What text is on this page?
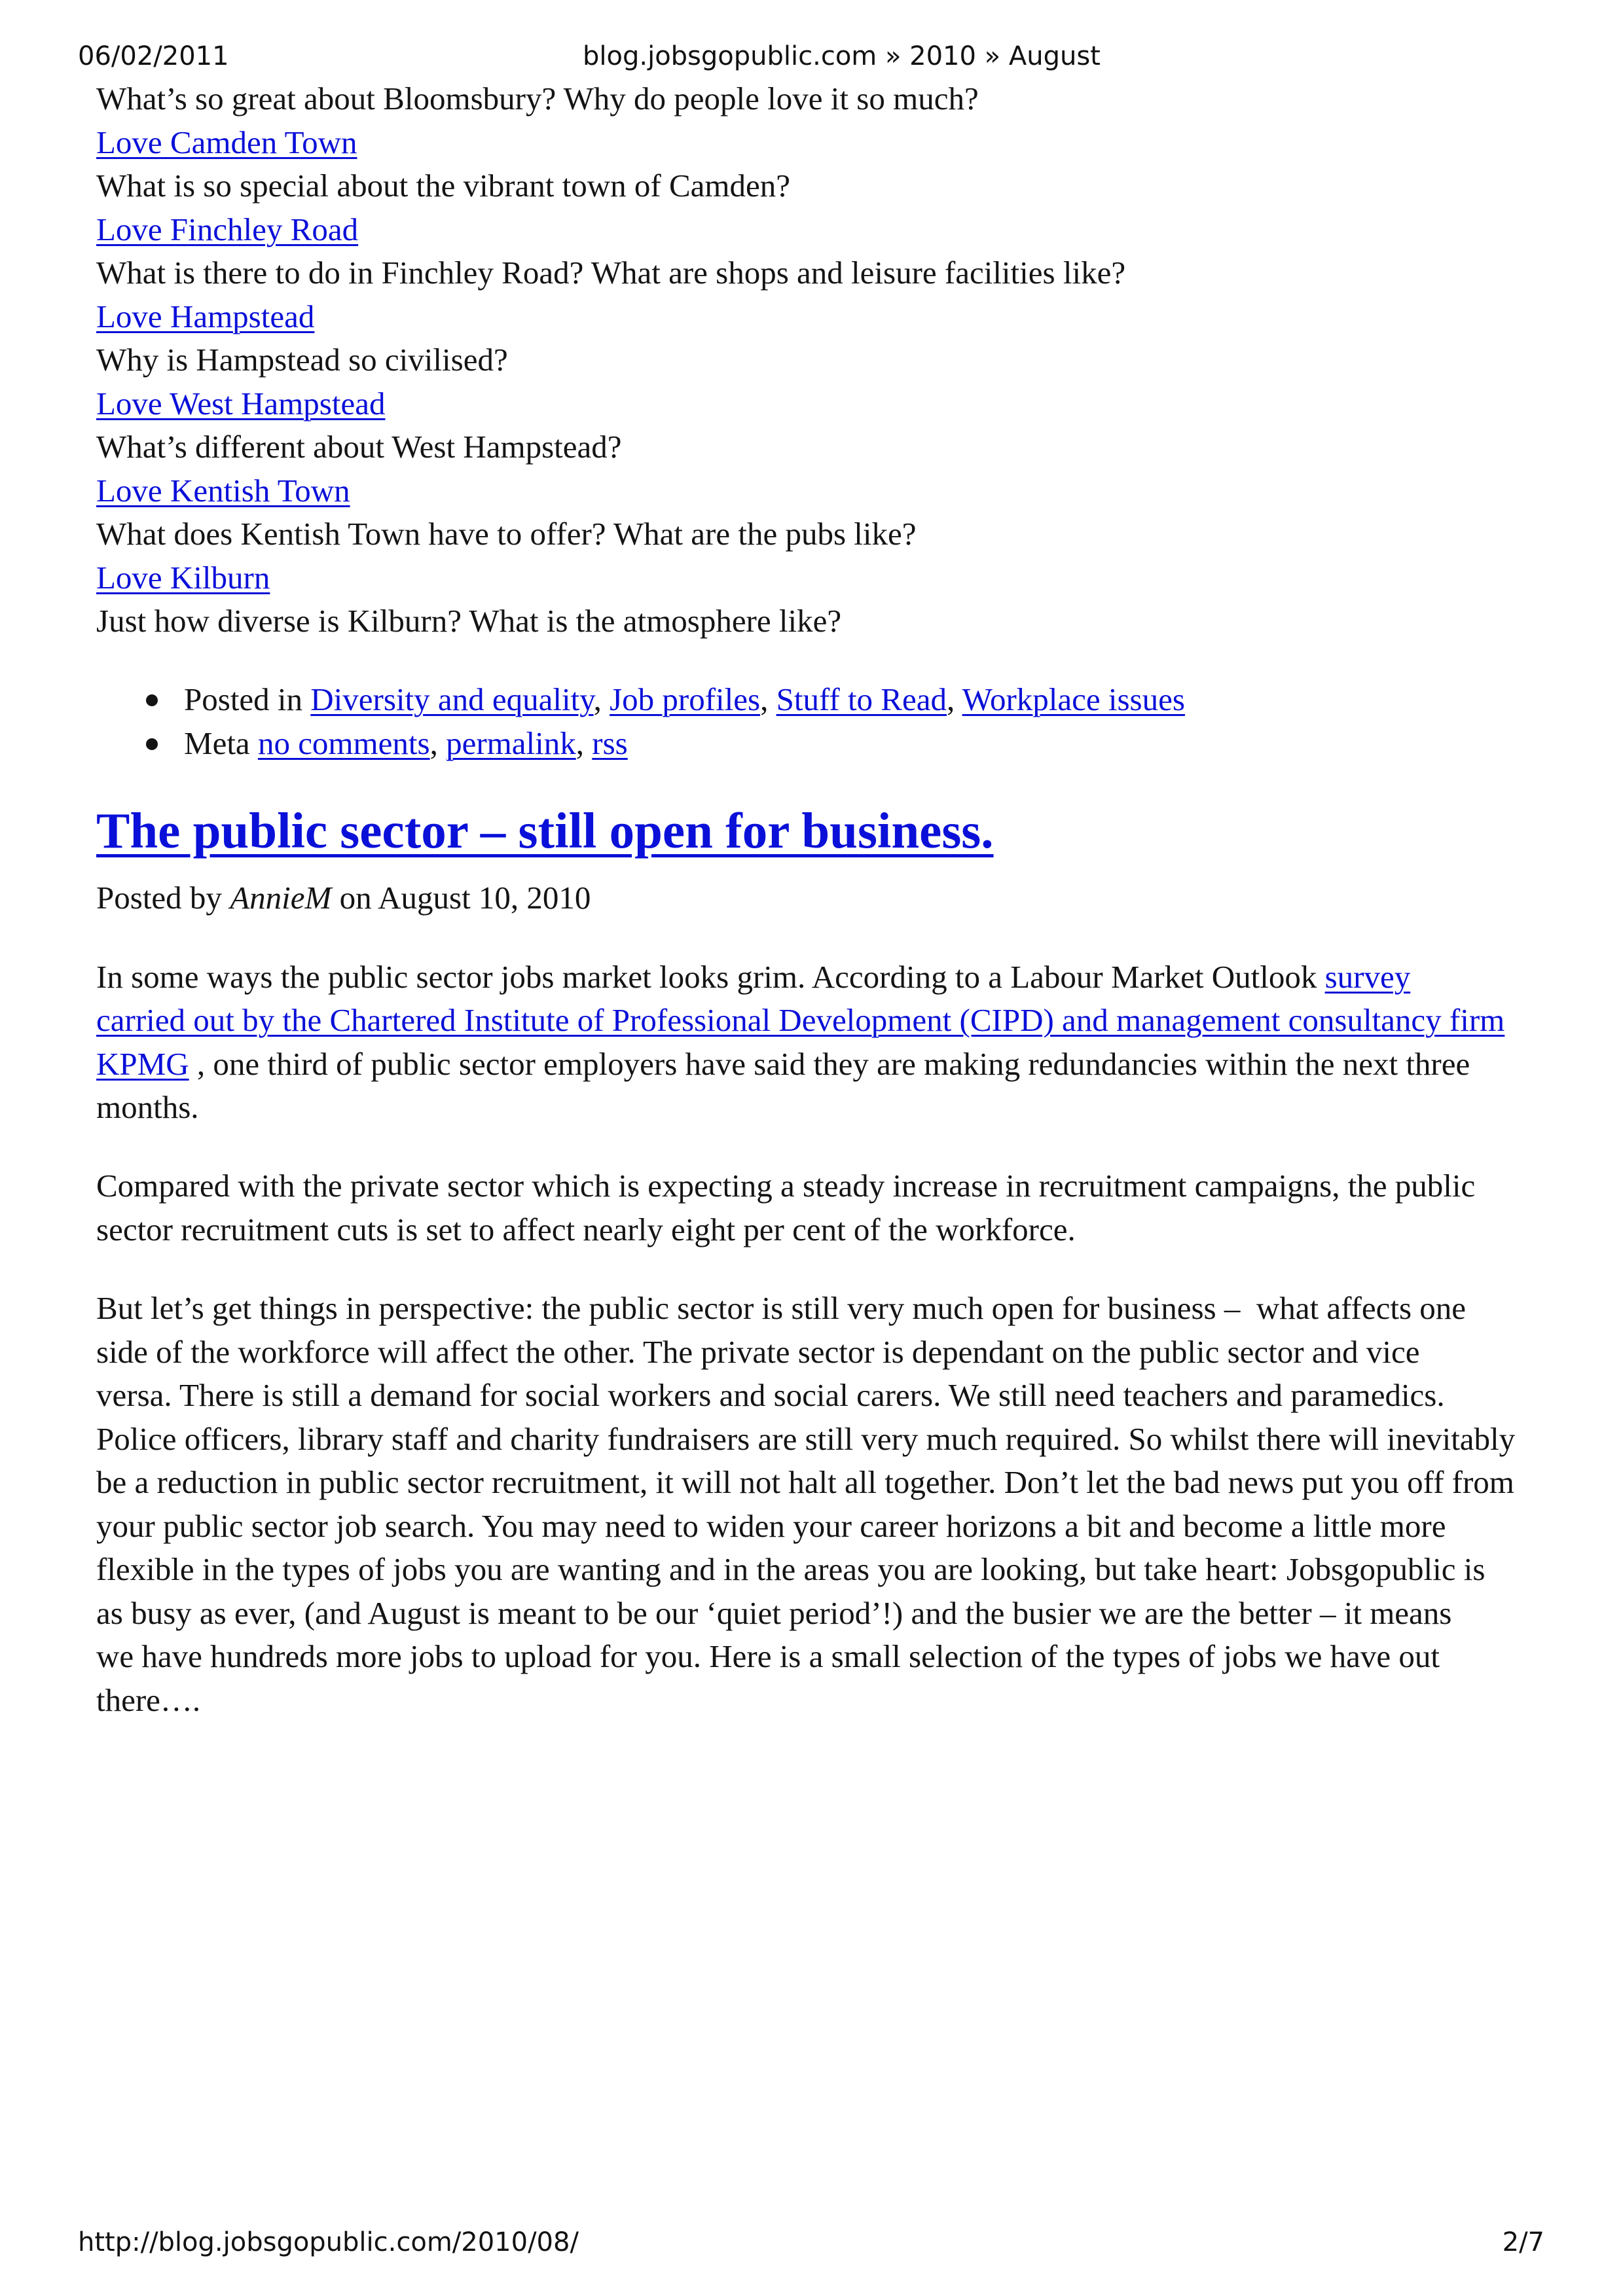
06/02/2011	blog.jobsgopublic.com » 2010 » August

What’s so great about Bloomsbury? Why do people love it so much?

Love Camden Town

What is so special about the vibrant town of Camden?

Love Finchley Road

What is there to do in Finchley Road? What are shops and leisure facilities like?

Love Hampstead

Why is Hampstead so civilised?

Love West Hampstead

What’s different about West Hampstead?

Love Kentish Town

What does Kentish Town have to offer? What are the pubs like?

Love Kilburn

Just how diverse is Kilburn? What is the atmosphere like?

Posted in Diversity and equality, Job profiles, Stuff to Read, Workplace issues
Meta no comments, permalink, rss
The public sector – still open for business.

Posted by AnnieM on August 10, 2010

In some ways the public sector jobs market looks grim. According to a Labour Market Outlook survey
carried out by the Chartered Institute of Professional Development (CIPD) and management consultancy firm
KPMG , one third of public sector employers have said they are making redundancies within the next three
months.
Compared with the private sector which is expecting a steady increase in recruitment campaigns, the public
sector recruitment cuts is set to affect nearly eight per cent of the workforce.
But let’s get things in perspective: the public sector is still very much open for business –  what affects one
side of the workforce will affect the other. The private sector is dependant on the public sector and vice
versa. There is still a demand for social workers and social carers. We still need teachers and paramedics.
Police officers, library staff and charity fundraisers are still very much required. So whilst there will inevitably
be a reduction in public sector recruitment, it will not halt all together. Don’t let the bad news put you off from
your public sector job search. You may need to widen your career horizons a bit and become a little more
flexible in the types of jobs you are wanting and in the areas you are looking, but take heart: Jobsgopublic is
as busy as ever, (and August is meant to be our ‘quiet period’!) and the busier we are the better – it means
we have hundreds more jobs to upload for you. Here is a small selection of the types of jobs we have out
there….
http://blog.jobsgopublic.com/2010/08/	2/7
